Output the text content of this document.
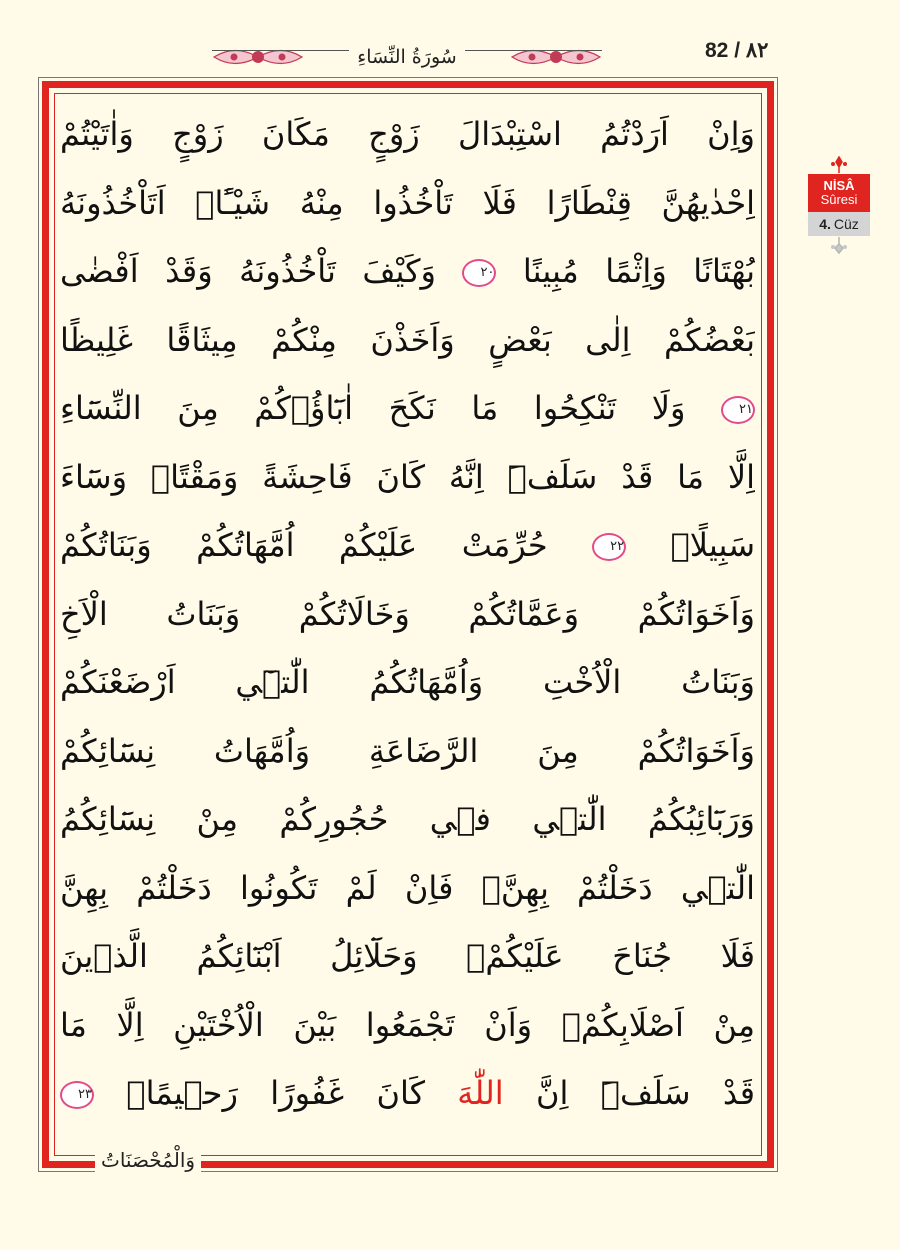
82 / ٨٢
سُورَةُ النِّسَاءِ
وَاِنْ اَرَدْتُمُ اسْتِبْدَالَ زَوْجٍ مَكَانَ زَوْجٍ وَاٰتَيْتُمْ
اِحْدٰيهُنَّ قِنْطَارًا فَلَا تَاْخُذُوا مِنْهُ شَيْـًٔاۜ اَتَاْخُذُونَهُ
بُهْتَانًا وَاِثْمًا مُبِينًا ٢٠ وَكَيْفَ تَاْخُذُونَهُ وَقَدْ اَفْضٰى
بَعْضُكُمْ اِلٰى بَعْضٍ وَاَخَذْنَ مِنْكُمْ مِيثَاقًا غَلِيظًا
٢١ وَلَا تَنْكِحُوا مَا نَكَحَ اٰبَٓاؤُ۬كُمْ مِنَ النِّسَٓاءِ
اِلَّا مَا قَدْ سَلَفَۜ اِنَّهُ كَانَ فَاحِشَةً وَمَقْتًاۜ وَسَٓاءَ
سَبِيلًا۟ ٢٢ حُرِّمَتْ عَلَيْكُمْ اُمَّهَاتُكُمْ وَبَنَاتُكُمْ
وَاَخَوَاتُكُمْ وَعَمَّاتُكُمْ وَخَالَاتُكُمْ وَبَنَاتُ الْاَخِ
وَبَنَاتُ الْاُخْتِ وَاُمَّهَاتُكُمُ الّٰت۪ٓي اَرْضَعْنَكُمْ
وَاَخَوَاتُكُمْ مِنَ الرَّضَاعَةِ وَاُمَّهَاتُ نِسَٓائِكُمْ
وَرَبَٓائِبُكُمُ الّٰت۪ي ف۪ي حُجُورِكُمْ مِنْ نِسَٓائِكُمُ
الّٰت۪ي دَخَلْتُمْ بِهِنَّۘ فَاِنْ لَمْ تَكُونُوا دَخَلْتُمْ بِهِنَّ
فَلَا جُنَاحَ عَلَيْكُمْۘ وَحَلَٓائِلُ اَبْنَٓائِكُمُ الَّذ۪ينَ
مِنْ اَصْلَابِكُمْۙ وَاَنْ تَجْمَعُوا بَيْنَ الْاُخْتَيْنِ اِلَّا مَا
قَدْ سَلَفَۜ اِنَّ اللّٰهَ كَانَ غَفُورًا رَح۪يمًاۙ ٢٣
وَالْمُحْصَنَاتُ
NİSÂ
Sûresi
4. Cüz
